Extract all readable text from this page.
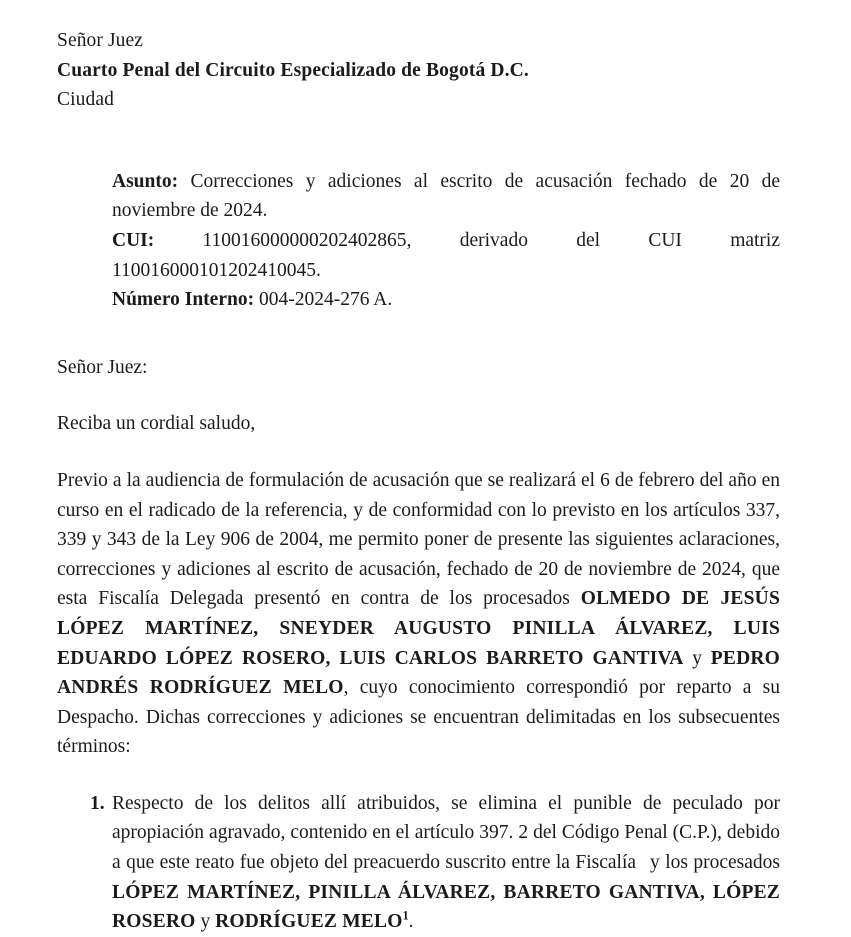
Señor Juez
Cuarto Penal del Circuito Especializado de Bogotá D.C.
Ciudad

Asunto: Correcciones y adiciones al escrito de acusación fechado de 20 de noviembre de 2024.

CUI: 110016000000202402865, derivado del CUI matriz

110016000101202410045.

Número Interno: 004-2024-276 A.

Señor Juez:

Reciba un cordial saludo,

Previo a la audiencia de formulación de acusación que se realizará el 6 de febrero del año en curso en el radicado de la referencia, y de conformidad con lo previsto en los artículos 337, 339 y 343 de la Ley 906 de 2004, me permito poner de presente las siguientes aclaraciones, correcciones y adiciones al escrito de acusación, fechado de 20 de noviembre de 2024, que esta Fiscalía Delegada presentó en contra de los procesados OLMEDO DE JESÚS LÓPEZ MARTÍNEZ, SNEYDER AUGUSTO PINILLA ÁLVAREZ, LUIS EDUARDO LÓPEZ ROSERO, LUIS CARLOS BARRETO GANTIVA y PEDRO ANDRÉS RODRÍGUEZ MELO, cuyo conocimiento correspondió por reparto a su Despacho. Dichas correcciones y adiciones se encuentran delimitadas en los subsecuentes términos:

1. Respecto de los delitos allí atribuidos, se elimina el punible de peculado por apropiación agravado, contenido en el artículo 397. 2 del Código Penal (C.P.), debido a que este reato fue objeto del preacuerdo suscrito entre la Fiscalía y los procesados LÓPEZ MARTÍNEZ, PINILLA ÁLVAREZ, BARRETO GANTIVA, LÓPEZ ROSERO y RODRÍGUEZ MELO$^1$.
